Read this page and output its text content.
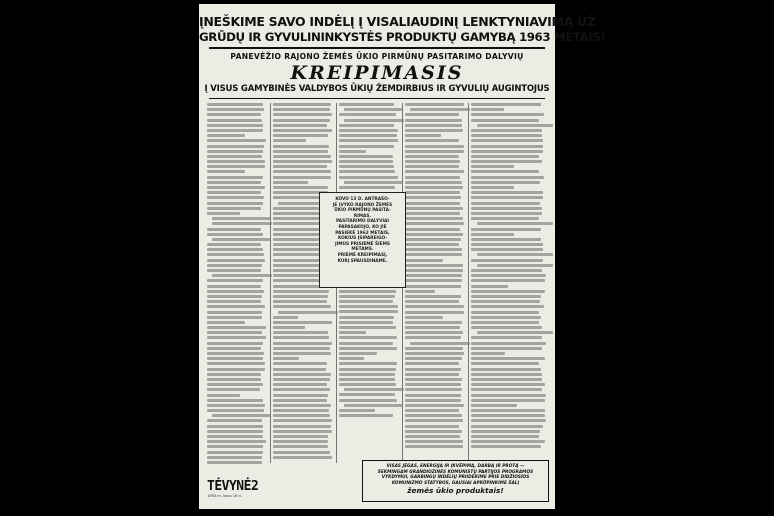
ĮNEŠKIME SAVO INDĖLĮ Į VISALIAUDINĮ LENKTYNIAVIMĄ UŽ
GRŪDŲ IR GYVULININKYSTĖS PRODUKTŲ GAMYBĄ 1963 METAIS!
PANEVĖŽIO RAJONO ŽEMĖS ŪKIO PIRMŪNŲ PASITARIMO DALYVIŲ
KREIPIMASIS
Į VISUS GAMYBINĖS VALDYBOS ŪKIŲ ŽEMDIRBIUS IR GYVULIŲ AUGINTOJUS
KOVO 13 D. ANTRAŠO-
JE ĮVYKO RAJONO ŽEMĖS
ŪKIO PIRMŪNŲ PASITA-
RIMAS.
PASITARIMO DALYVIAI
PAPASAKOJO, KO JIE
PASIEKĖ 1962 METAIS,
KOKIUS ĮSIPAREIGO-
JIMUS PRISIĖMĖ ŠIEMS
METAMS.
PRIĖMĖ KREIPIMASĮ,
KURĮ SPAUSDINAME.
TĖVYNĖ2
1963 m. kovo 16 d.
VISAS JĖGAS, ENERGIJĄ IR ĮKVĖPIMĄ, DARBĄ IR PROTĄ —
ŠEKMINGAM GRANDIOZINĖS KOMUNISTŲ PARTIJOS PROGRAMOS
VYKDYMUI, GARBINGŲ INDĖLIŲ PRIIDĖKIME PRIE DIDŽIOSIOS
KOMUNIZMO STATYBOS, GAUSIAI APRŪPINKIME ŠALĮ
žemės ūkio produktais!
